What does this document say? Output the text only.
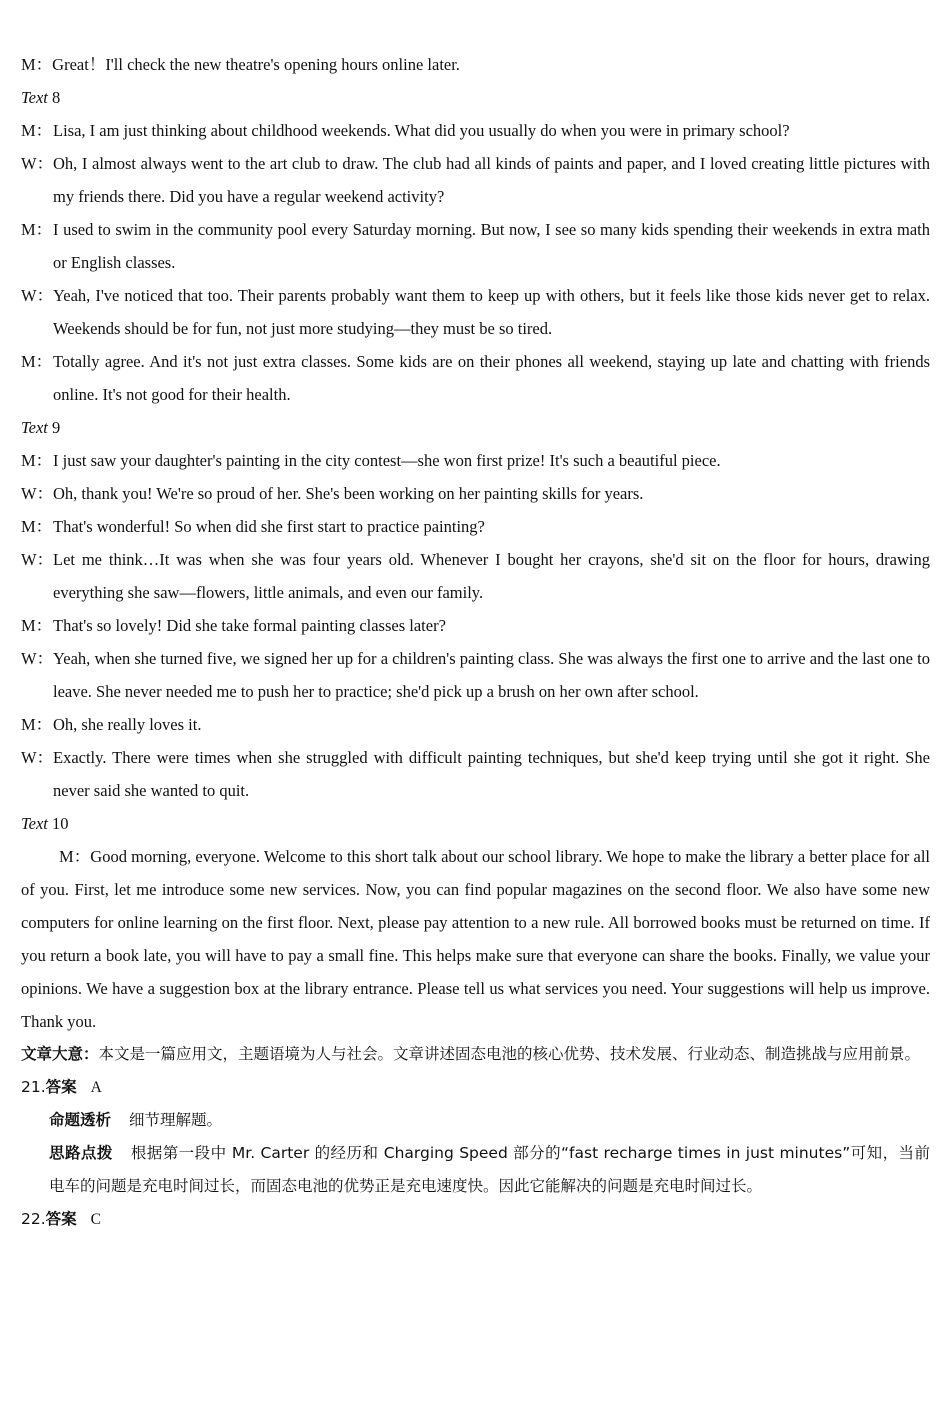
M：Great！I'll check the new theatre's opening hours online later.
Text 8
M：Lisa, I am just thinking about childhood weekends. What did you usually do when you were in primary school?
W：Oh, I almost always went to the art club to draw. The club had all kinds of paints and paper, and I loved creating little pictures with my friends there. Did you have a regular weekend activity?
M：I used to swim in the community pool every Saturday morning. But now, I see so many kids spending their weekends in extra math or English classes.
W：Yeah, I've noticed that too. Their parents probably want them to keep up with others, but it feels like those kids never get to relax. Weekends should be for fun, not just more studying—they must be so tired.
M：Totally agree. And it's not just extra classes. Some kids are on their phones all weekend, staying up late and chatting with friends online. It's not good for their health.
Text 9
M：I just saw your daughter's painting in the city contest—she won first prize! It's such a beautiful piece.
W：Oh, thank you! We're so proud of her. She's been working on her painting skills for years.
M：That's wonderful! So when did she first start to practice painting?
W：Let me think…It was when she was four years old. Whenever I bought her crayons, she'd sit on the floor for hours, drawing everything she saw—flowers, little animals, and even our family.
M：That's so lovely! Did she take formal painting classes later?
W：Yeah, when she turned five, we signed her up for a children's painting class. She was always the first one to arrive and the last one to leave. She never needed me to push her to practice; she'd pick up a brush on her own after school.
M：Oh, she really loves it.
W：Exactly. There were times when she struggled with difficult painting techniques, but she'd keep trying until she got it right. She never said she wanted to quit.
Text 10
M：Good morning, everyone. Welcome to this short talk about our school library. We hope to make the library a better place for all of you. First, let me introduce some new services. Now, you can find popular magazines on the second floor. We also have some new computers for online learning on the first floor. Next, please pay attention to a new rule. All borrowed books must be returned on time. If you return a book late, you will have to pay a small fine. This helps make sure that everyone can share the books. Finally, we value your opinions. We have a suggestion box at the library entrance. Please tell us what services you need. Your suggestions will help us improve. Thank you.
文章大意：本文是一篇应用文，主题语境为人与社会。文章讲述固态电池的核心优势、技术发展、行业动态、制造挑战与应用前景。
21.答案 A
命题透析 细节理解题。
思路点拨 根据第一段中 Mr. Carter 的经历和 Charging Speed 部分的“fast recharge times in just minutes”可知，当前电车的问题是充电时间过长，而固态电池的优势正是充电速度快。因此它能解决的问题是充电时间过长。
22.答案 C
